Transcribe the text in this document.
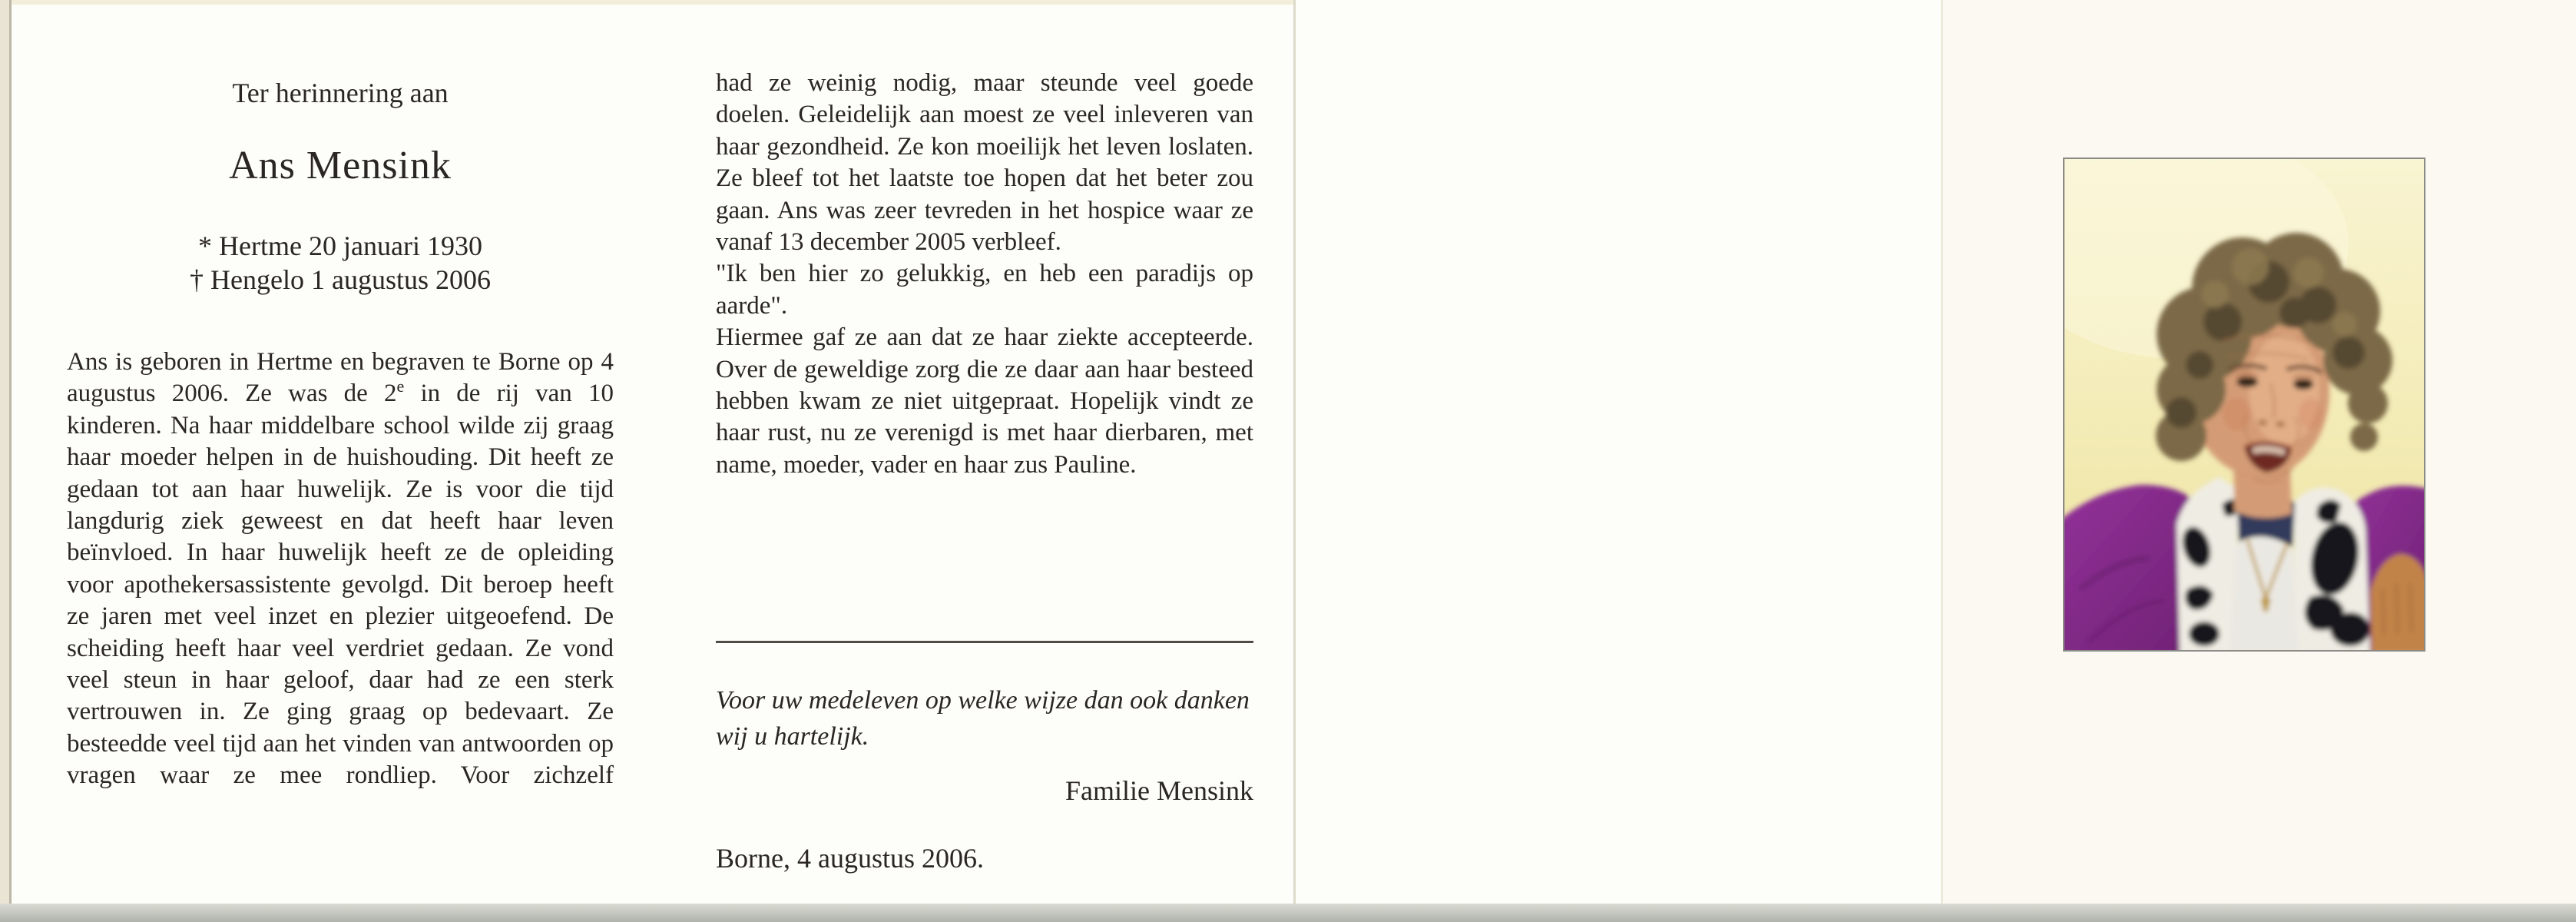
Ter herinnering aan
Ans Mensink
* Hertme 20 januari 1930
† Hengelo 1 augustus 2006

Ans is geboren in Hertme en begraven te Borne op 4 augustus 2006. Ze was de 2e in de rij van 10 kinderen. Na haar middelbare school wilde zij graag haar moeder helpen in de huishouding. Dit heeft ze gedaan tot aan haar huwelijk. Ze is voor die tijd langdurig ziek geweest en dat heeft haar leven beïnvloed. In haar huwelijk heeft ze de opleiding voor apothekersassistente gevolgd. Dit beroep heeft ze jaren met veel inzet en plezier uitgeoefend. De scheiding heeft haar veel verdriet gedaan. Ze vond veel steun in haar geloof, daar had ze een sterk vertrouwen in. Ze ging graag op bedevaart. Ze besteedde veel tijd aan het vinden van antwoorden op vragen waar ze mee rondliep. Voor zichzelf

had ze weinig nodig, maar steunde veel goede doelen. Geleidelijk aan moest ze veel inleveren van haar gezondheid. Ze kon moeilijk het leven loslaten. Ze bleef tot het laatste toe hopen dat het beter zou gaan. Ans was zeer tevreden in het hospice waar ze vanaf 13 december 2005 verbleef.

"Ik ben hier zo gelukkig, en heb een paradijs op aarde".

Hiermee gaf ze aan dat ze haar ziekte accepteerde. Over de geweldige zorg die ze daar aan haar besteed hebben kwam ze niet uitgepraat. Hopelijk vindt ze haar rust, nu ze verenigd is met haar dierbaren, met name, moeder, vader en haar zus Pauline.

Voor uw medeleven op welke wijze dan ook danken wij u hartelijk.

Familie Mensink
Borne, 4 augustus 2006.
